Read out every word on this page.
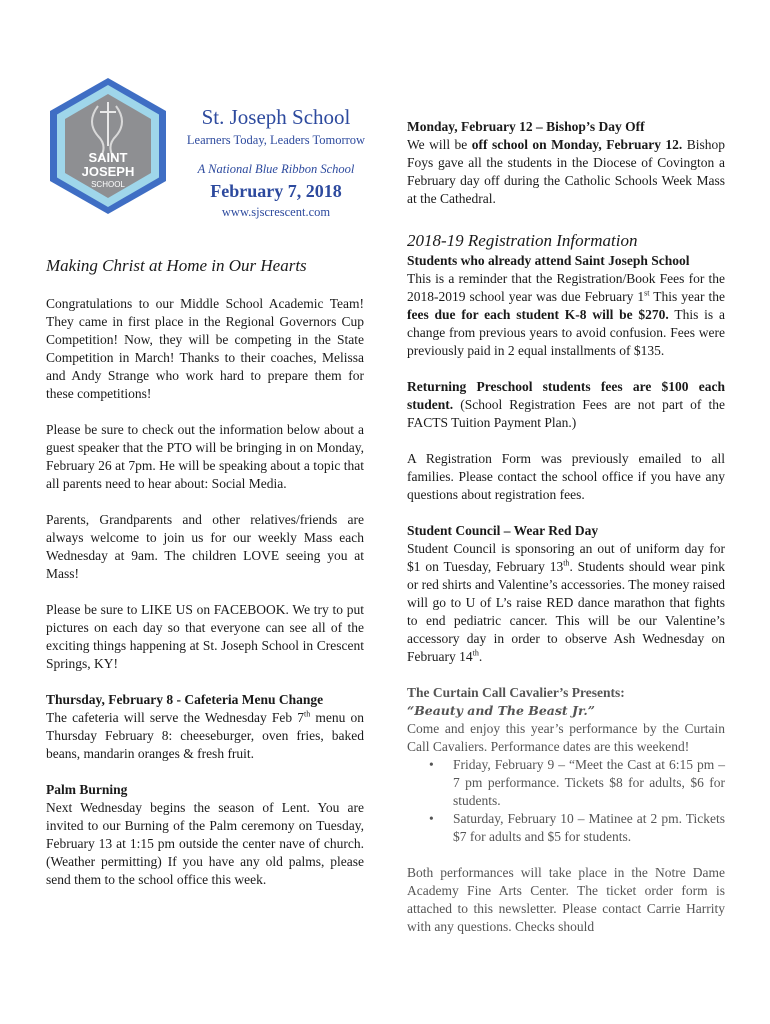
SAINT
JOSEPH
SCHOOL
St. Joseph School
Learners Today, Leaders Tomorrow
A National Blue Ribbon School
February 7, 2018
www.sjscrescent.com
Making Christ at Home in Our Hearts
Congratulations to our Middle School Academic Team! They came in first place in the Regional Governors Cup Competition! Now, they will be competing in the State Competition in March! Thanks to their coaches, Melissa and Andy Strange who work hard to prepare them for these competitions!
Please be sure to check out the information below about a guest speaker that the PTO will be bringing in on Monday, February 26 at 7pm. He will be speaking about a topic that all parents need to hear about: Social Media.
Parents, Grandparents and other relatives/friends are always welcome to join us for our weekly Mass each Wednesday at 9am. The children LOVE seeing you at Mass!
Please be sure to LIKE US on FACEBOOK. We try to put pictures on each day so that everyone can see all of the exciting things happening at St. Joseph School in Crescent Springs, KY!
Thursday, February 8 - Cafeteria Menu Change
The cafeteria will serve the Wednesday Feb 7th menu on Thursday February 8: cheeseburger, oven fries, baked beans, mandarin oranges & fresh fruit.
Palm Burning
Next Wednesday begins the season of Lent. You are invited to our Burning of the Palm ceremony on Tuesday, February 13 at 1:15 pm outside the center nave of church. (Weather permitting) If you have any old palms, please send them to the school office this week.
Monday, February 12 – Bishop’s Day Off
We will be off school on Monday, February 12. Bishop Foys gave all the students in the Diocese of Covington a February day off during the Catholic Schools Week Mass at the Cathedral.
2018-19 Registration Information
Students who already attend Saint Joseph School
This is a reminder that the Registration/Book Fees for the 2018-2019 school year was due February 1st This year the fees due for each student K-8 will be $270. This is a change from previous years to avoid confusion. Fees were previously paid in 2 equal installments of $135.
Returning Preschool students fees are $100 each student. (School Registration Fees are not part of the FACTS Tuition Payment Plan.)
A Registration Form was previously emailed to all families. Please contact the school office if you have any questions about registration fees.
Student Council – Wear Red Day
Student Council is sponsoring an out of uniform day for $1 on Tuesday, February 13th. Students should wear pink or red shirts and Valentine’s accessories. The money raised will go to U of L’s raise RED dance marathon that fights to end pediatric cancer. This will be our Valentine’s accessory day in order to observe Ash Wednesday on February 14th.
The Curtain Call Cavalier’s Presents:
“Beauty and The Beast Jr.”
Come and enjoy this year’s performance by the Curtain Call Cavaliers. Performance dates are this weekend!
• Friday, February 9 – “Meet the Cast at 6:15 pm – 7 pm performance. Tickets $8 for adults, $6 for students.
• Saturday, February 10 – Matinee at 2 pm. Tickets $7 for adults and $5 for students.
Both performances will take place in the Notre Dame Academy Fine Arts Center. The ticket order form is attached to this newsletter. Please contact Carrie Harrity with any questions. Checks should
